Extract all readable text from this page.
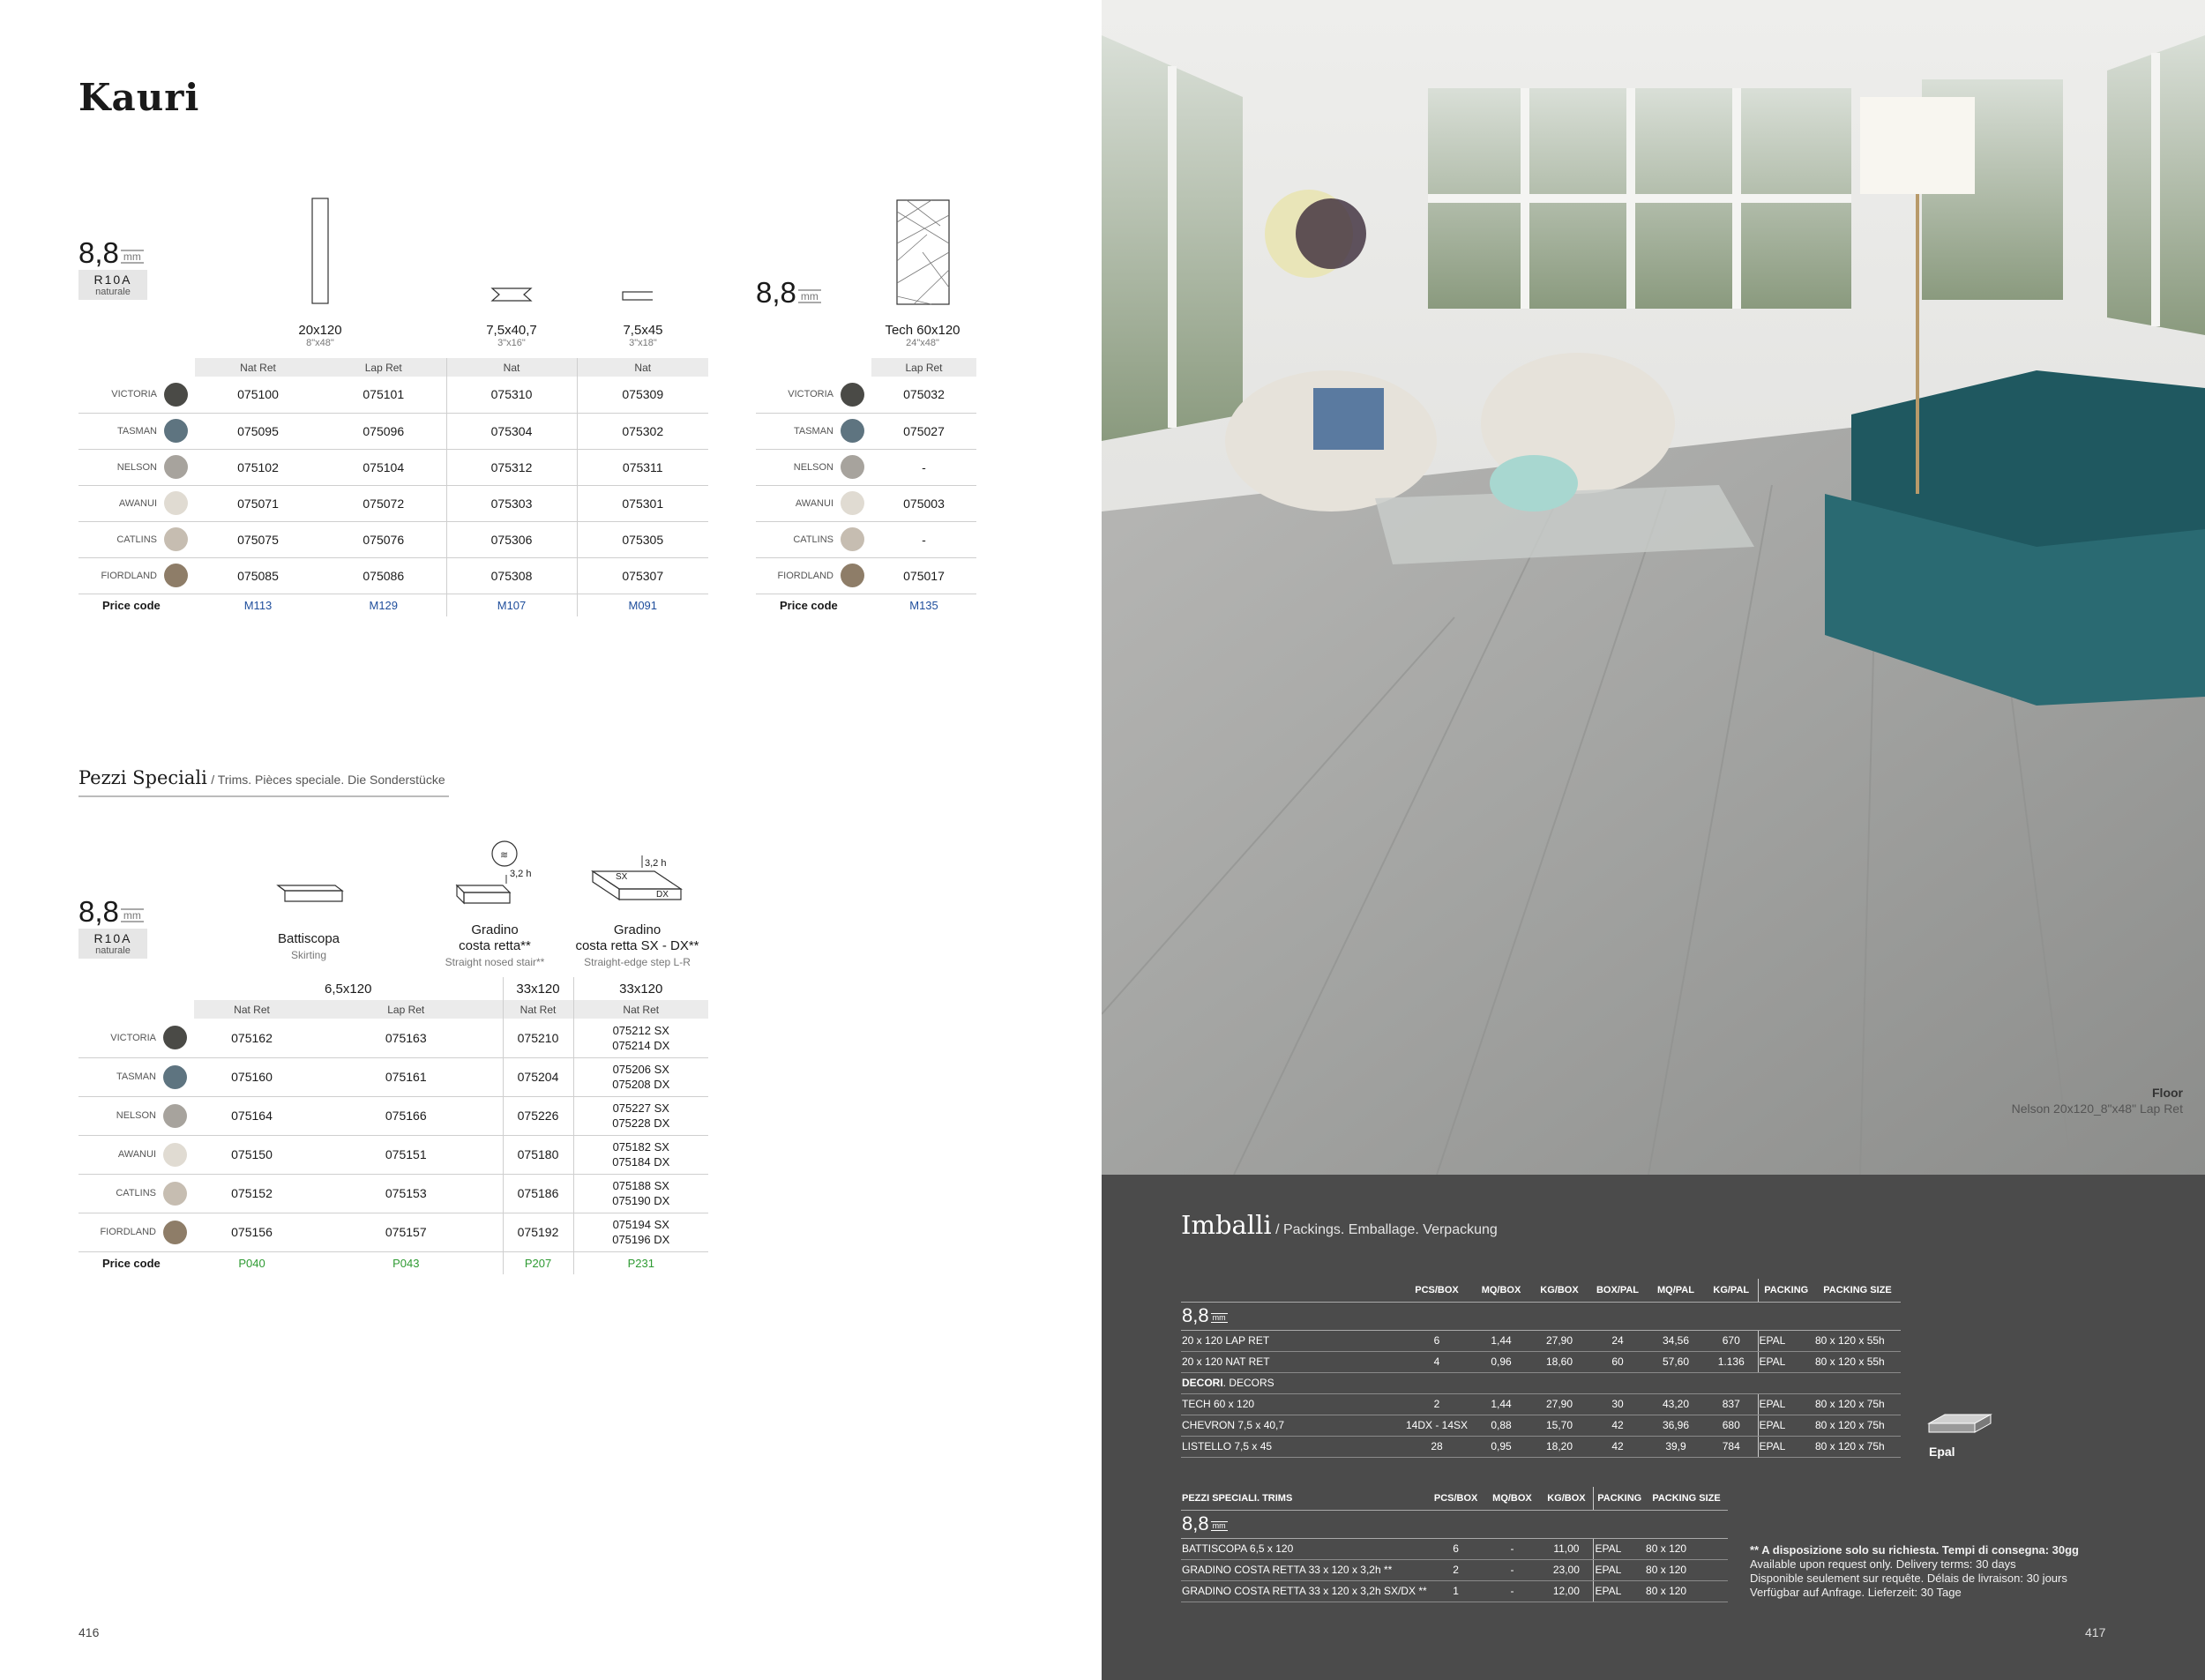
Kauri
8,8 mm
R10A
naturale
20x120
8"x48"
7,5x40,7
3"x16"
7,5x45
3"x18"
	Nat Ret	Lap Ret	Nat	Nat

VICTORIA	075100	075101	075310	075309

TASMAN	075095	075096	075304	075302

NELSON	075102	075104	075312	075311

AWANUI	075071	075072	075303	075301

CATLINS	075075	075076	075306	075305

FIORDLAND	075085	075086	075308	075307
Price code	M113	M129	M107	M091
8,8 mm
Tech 60x120
24"x48"
	Lap Ret

VICTORIA	075032

TASMAN	075027

NELSON	-

AWANUI	075003

CATLINS	-

FIORDLAND	075017
Price code	M135
Pezzi Speciali / Trims. Pièces speciale. Die Sonderstücke
8,8 mm
R10A
naturale
≋
3,2 h
3,2 h
SX
DX
Battiscopa
Skirting
Gradino
costa retta**
Straight nosed stair**
Gradino
costa retta SX - DX**
Straight-edge step L-R
	6,5x120		33x120	33x120
	Nat Ret	Lap Ret	Nat Ret	Nat Ret

VICTORIA	075162	075163	075210	075212 SX
075214 DX

TASMAN	075160	075161	075204	075206 SX
075208 DX

NELSON	075164	075166	075226	075227 SX
075228 DX

AWANUI	075150	075151	075180	075182 SX
075184 DX

CATLINS	075152	075153	075186	075188 SX
075190 DX

FIORDLAND	075156	075157	075192	075194 SX
075196 DX

Price code	P040	P043	P207	P231
416
Floor
Nelson 20x120_8"x48" Lap Ret
Imballi / Packings. Emballage. Verpackung
	PCS/BOX	MQ/BOX	KG/BOX	BOX/PAL	MQ/PAL	KG/PAL	PACKING	PACKING SIZE

8,8 mm								

20 x 120 LAP RET	6	1,44	27,90	24	34,56	670	EPAL	80 x 120 x 55h
20 x 120 NAT RET	4	0,96	18,60	60	57,60	1.136	EPAL	80 x 120 x 55h
DECORI. DECORS								
TECH 60 x 120	2	1,44	27,90	30	43,20	837	EPAL	80 x 120 x 75h
CHEVRON 7,5 x 40,7	14DX - 14SX	0,88	15,70	42	36,96	680	EPAL	80 x 120 x 75h
LISTELLO 7,5 x 45	28	0,95	18,20	42	39,9	784	EPAL	80 x 120 x 75h	Epal
PEZZI SPECIALI. TRIMS	PCS/BOX	MQ/BOX	KG/BOX	PACKING	PACKING SIZE

8,8 mm					

BATTISCOPA 6,5 x 120	6	-	11,00	EPAL	80 x 120
GRADINO COSTA RETTA 33 x 120 x 3,2h **	2	-	23,00	EPAL	80 x 120
GRADINO COSTA RETTA 33 x 120 x 3,2h SX/DX **	1	-	12,00	EPAL	80 x 120
** A disposizione solo su richiesta. Tempi di consegna: 30gg
Available upon request only. Delivery terms: 30 days
Disponible seulement sur requête. Délais de livraison: 30 jours
Verfügbar auf Anfrage. Lieferzeit: 30 Tage
417
